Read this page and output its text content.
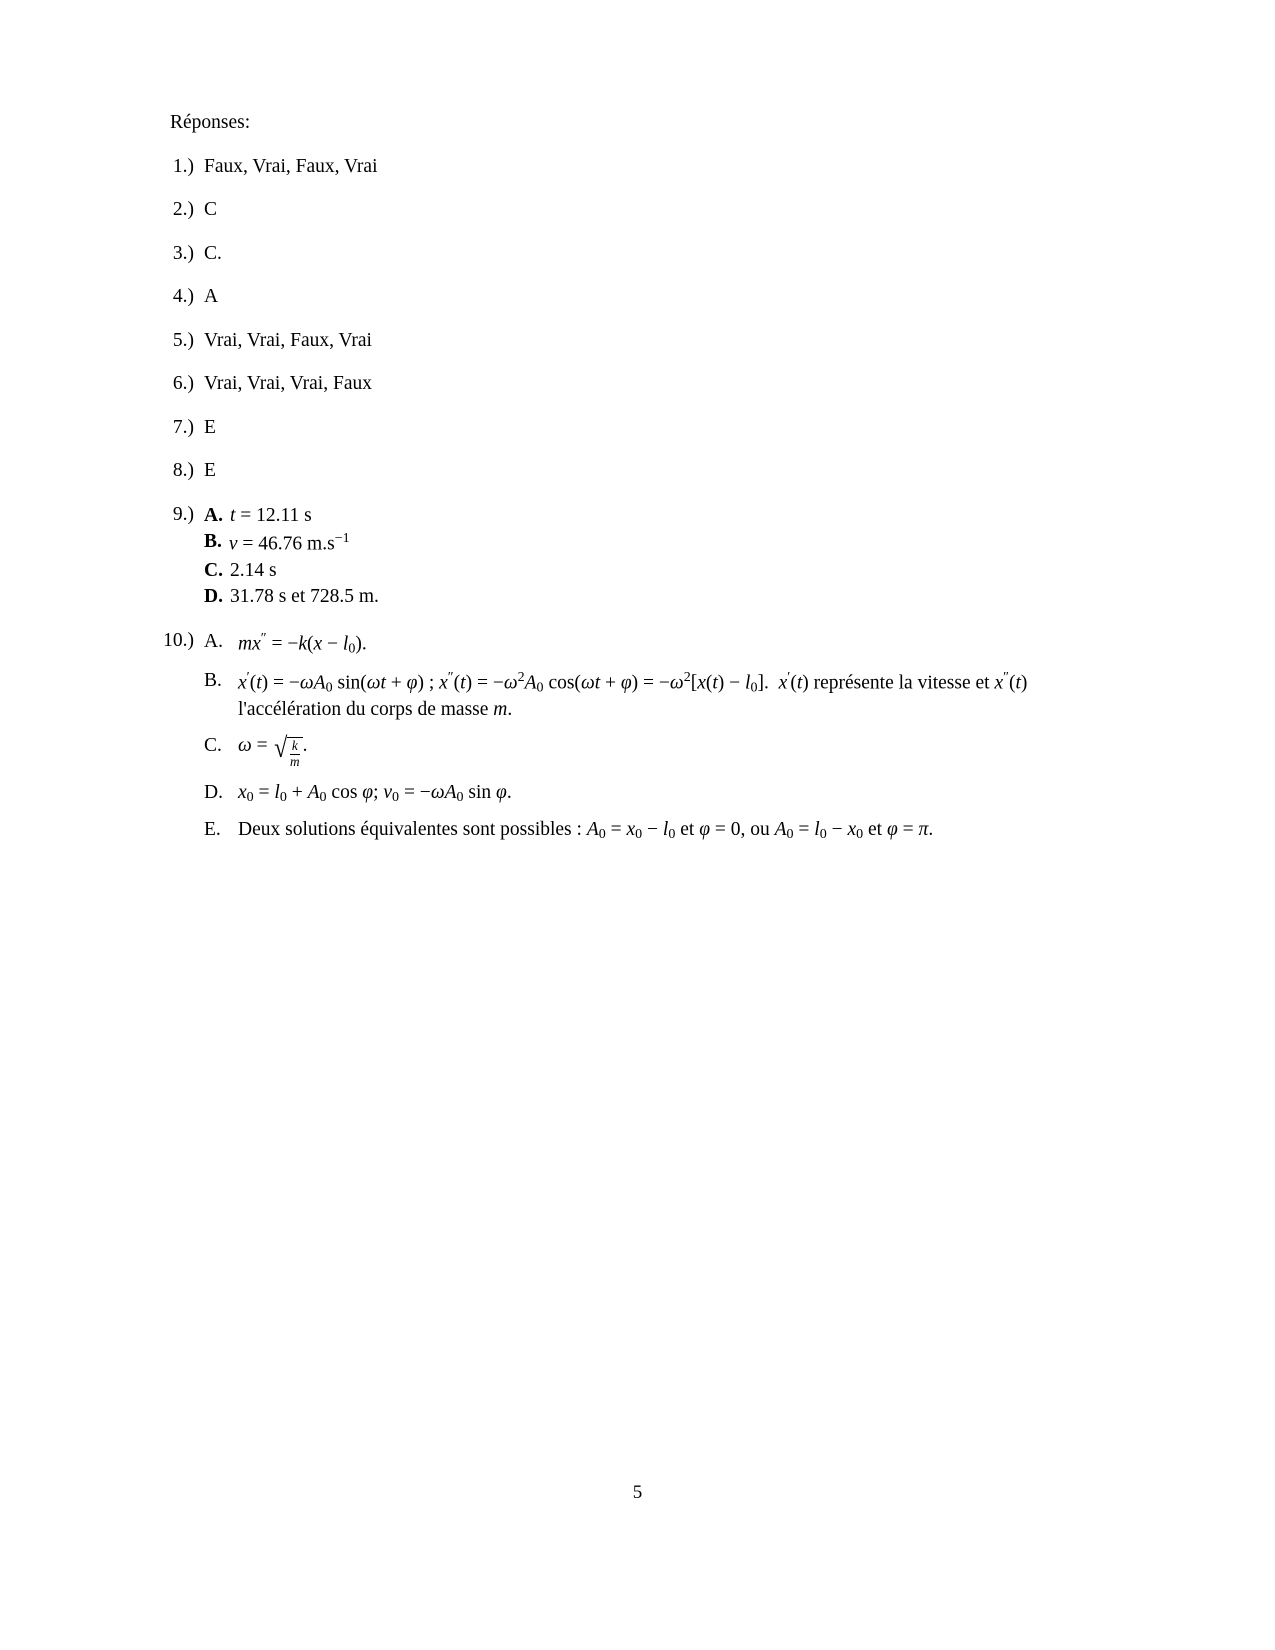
Réponses:
1.) Faux, Vrai, Faux, Vrai
2.) C
3.) C.
4.) A
5.) Vrai, Vrai, Faux, Vrai
6.) Vrai, Vrai, Vrai, Faux
7.) E
8.) E
9.) A. t = 12.11 s
B. v = 46.76 $m.s^{-1}$
C. 2.14 s
D. 31.78 s et 728.5 m.
10.) A. $mx'' = -k(x - l_0)$.
B. $x'(t) = -\omega A_0$ sin(ωt + φ) ; $x''(t) = -\omega^2A_0$ $\cos(\omega t + \varphi) = -\omega^2[x(t) - l_0]$.  x′(t) représente la vitesse et x″(t) l'accélération du corps de masse m.
C. ω = √ $\frac{k}{m}$ .
D. $x_0 = l_0 + A_0$ cos φ; $v_0 = -\omega A_0$ sin φ.
E. Deux solutions équivalentes sont possibles : $A_0 = x_0 - l_0$ et φ = 0, ou $A_0 = l_0 - x_0$ et φ = π.
5
